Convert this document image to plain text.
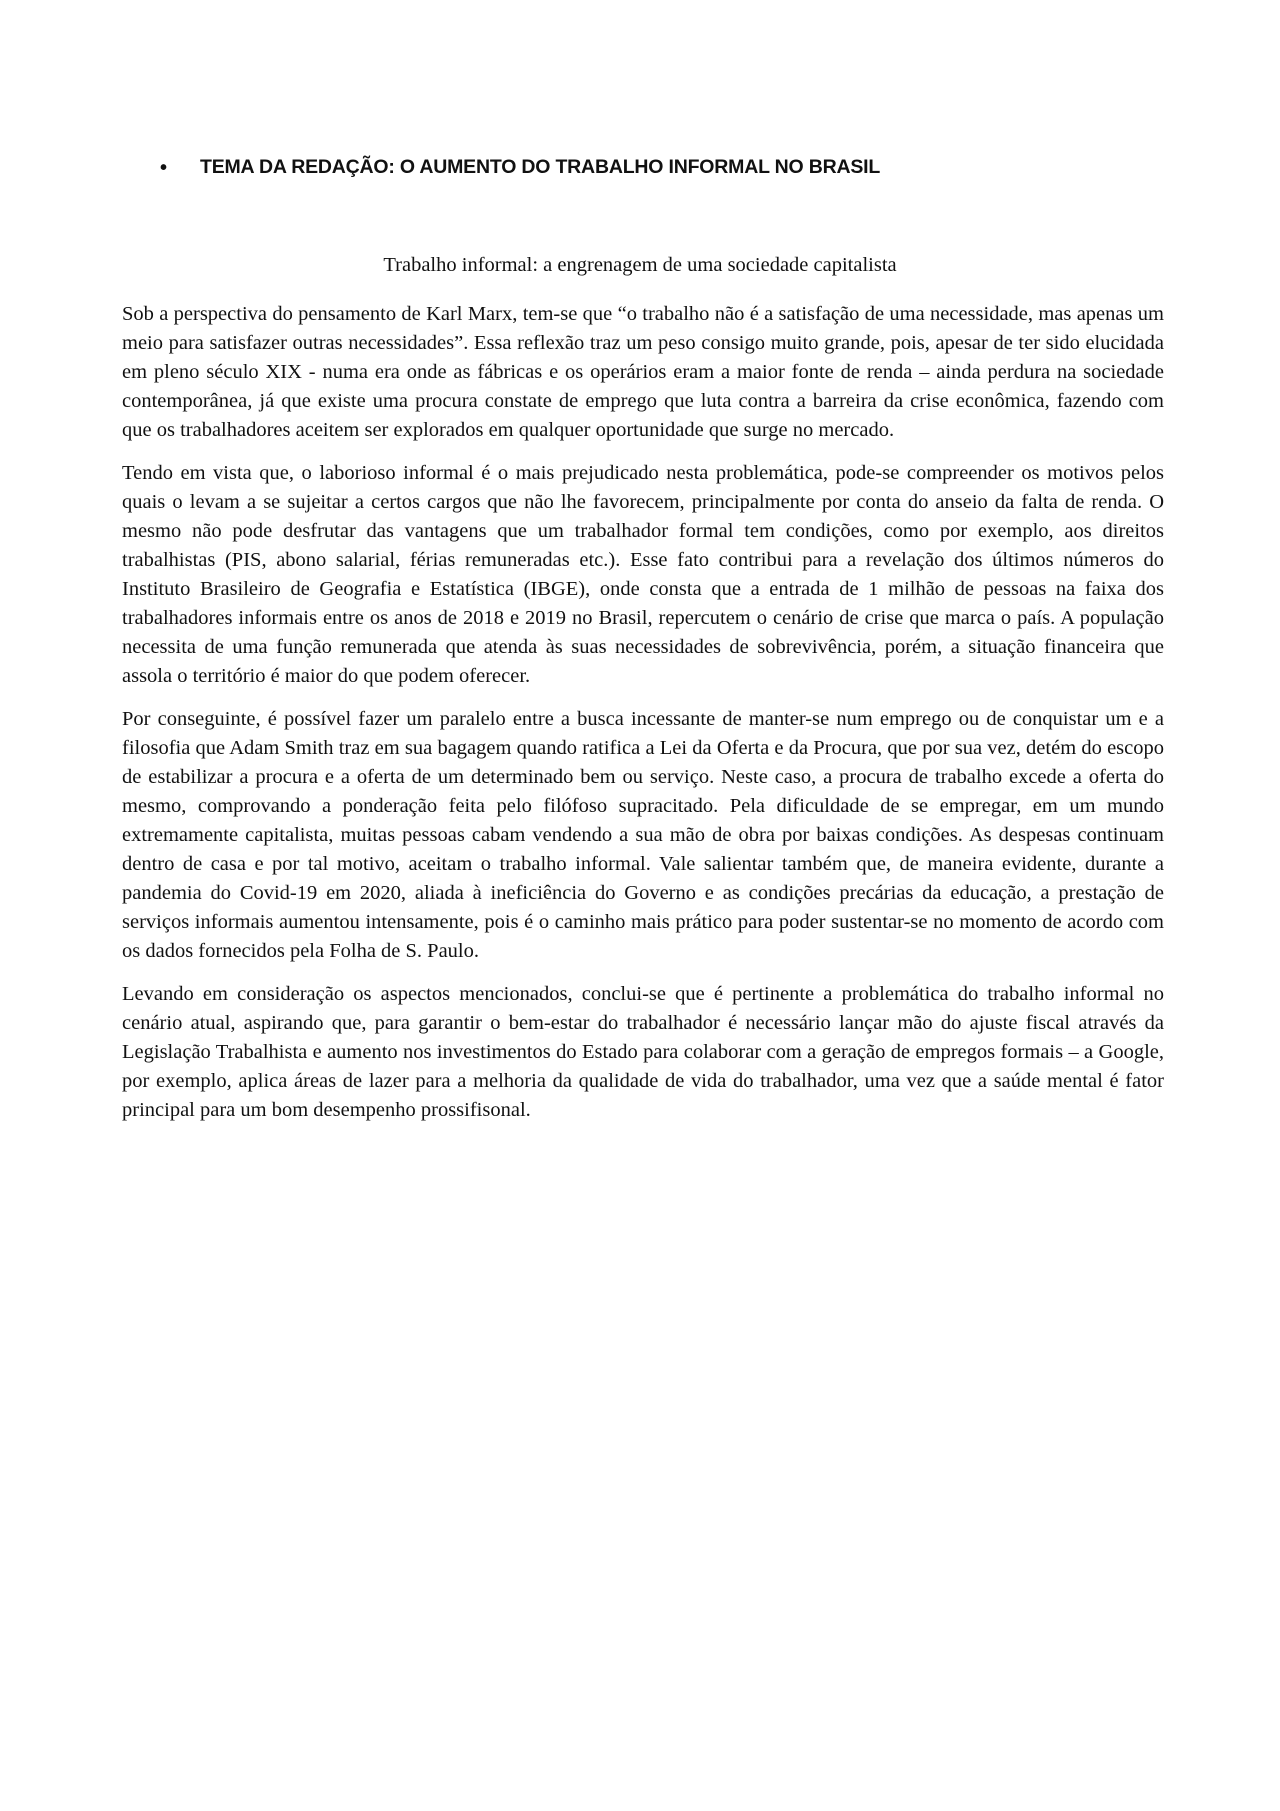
•	TEMA DA REDAÇÃO: O AUMENTO DO TRABALHO INFORMAL NO BRASIL
Trabalho informal: a engrenagem de uma sociedade capitalista

Sob a perspectiva do pensamento de Karl Marx, tem-se que “o trabalho não é a satisfação de uma necessidade, mas apenas um meio para satisfazer outras necessidades”. Essa reflexão traz um peso consigo muito grande, pois, apesar de ter sido elucidada em pleno século XIX - numa era onde as fábricas e os operários eram a maior fonte de renda – ainda perdura na sociedade contemporânea, já que existe uma procura constate de emprego que luta contra a barreira da crise econômica, fazendo com que os trabalhadores aceitem ser explorados em qualquer oportunidade que surge no mercado.

Tendo em vista que, o laborioso informal é o mais prejudicado nesta problemática, pode-se compreender os motivos pelos quais o levam a se sujeitar a certos cargos que não lhe favorecem, principalmente por conta do anseio da falta de renda. O mesmo não pode desfrutar das vantagens que um trabalhador formal tem condições, como por exemplo, aos direitos trabalhistas (PIS, abono salarial, férias remuneradas etc.). Esse fato contribui para a revelação dos últimos números do Instituto Brasileiro de Geografia e Estatística (IBGE), onde consta que a entrada de 1 milhão de pessoas na faixa dos trabalhadores informais entre os anos de 2018 e 2019 no Brasil, repercutem o cenário de crise que marca o país. A população necessita de uma função remunerada que atenda às suas necessidades de sobrevivência, porém, a situação financeira que assola o território é maior do que podem oferecer.

Por conseguinte, é possível fazer um paralelo entre a busca incessante de manter-se num emprego ou de conquistar um e a filosofia que Adam Smith traz em sua bagagem quando ratifica a Lei da Oferta e da Procura, que por sua vez, detém do escopo de estabilizar a procura e a oferta de um determinado bem ou serviço. Neste caso, a procura de trabalho excede a oferta do mesmo, comprovando a ponderação feita pelo filófoso supracitado. Pela dificuldade de se empregar, em um mundo extremamente capitalista, muitas pessoas cabam vendendo a sua mão de obra por baixas condições. As despesas continuam dentro de casa e por tal motivo, aceitam o trabalho informal. Vale salientar também que, de maneira evidente, durante a pandemia do Covid-19 em 2020, aliada à ineficiência do Governo e as condições precárias da educação, a prestação de serviços informais aumentou intensamente, pois é o caminho mais prático para poder sustentar-se no momento de acordo com os dados fornecidos pela Folha de S. Paulo.

Levando em consideração os aspectos mencionados, conclui-se que é pertinente a problemática do trabalho informal no cenário atual, aspirando que, para garantir o bem-estar do trabalhador é necessário lançar mão do ajuste fiscal através da Legislação Trabalhista e aumento nos investimentos do Estado para colaborar com a geração de empregos formais – a Google, por exemplo, aplica áreas de lazer para a melhoria da qualidade de vida do trabalhador, uma vez que a saúde mental é fator principal para um bom desempenho prossifisonal.
